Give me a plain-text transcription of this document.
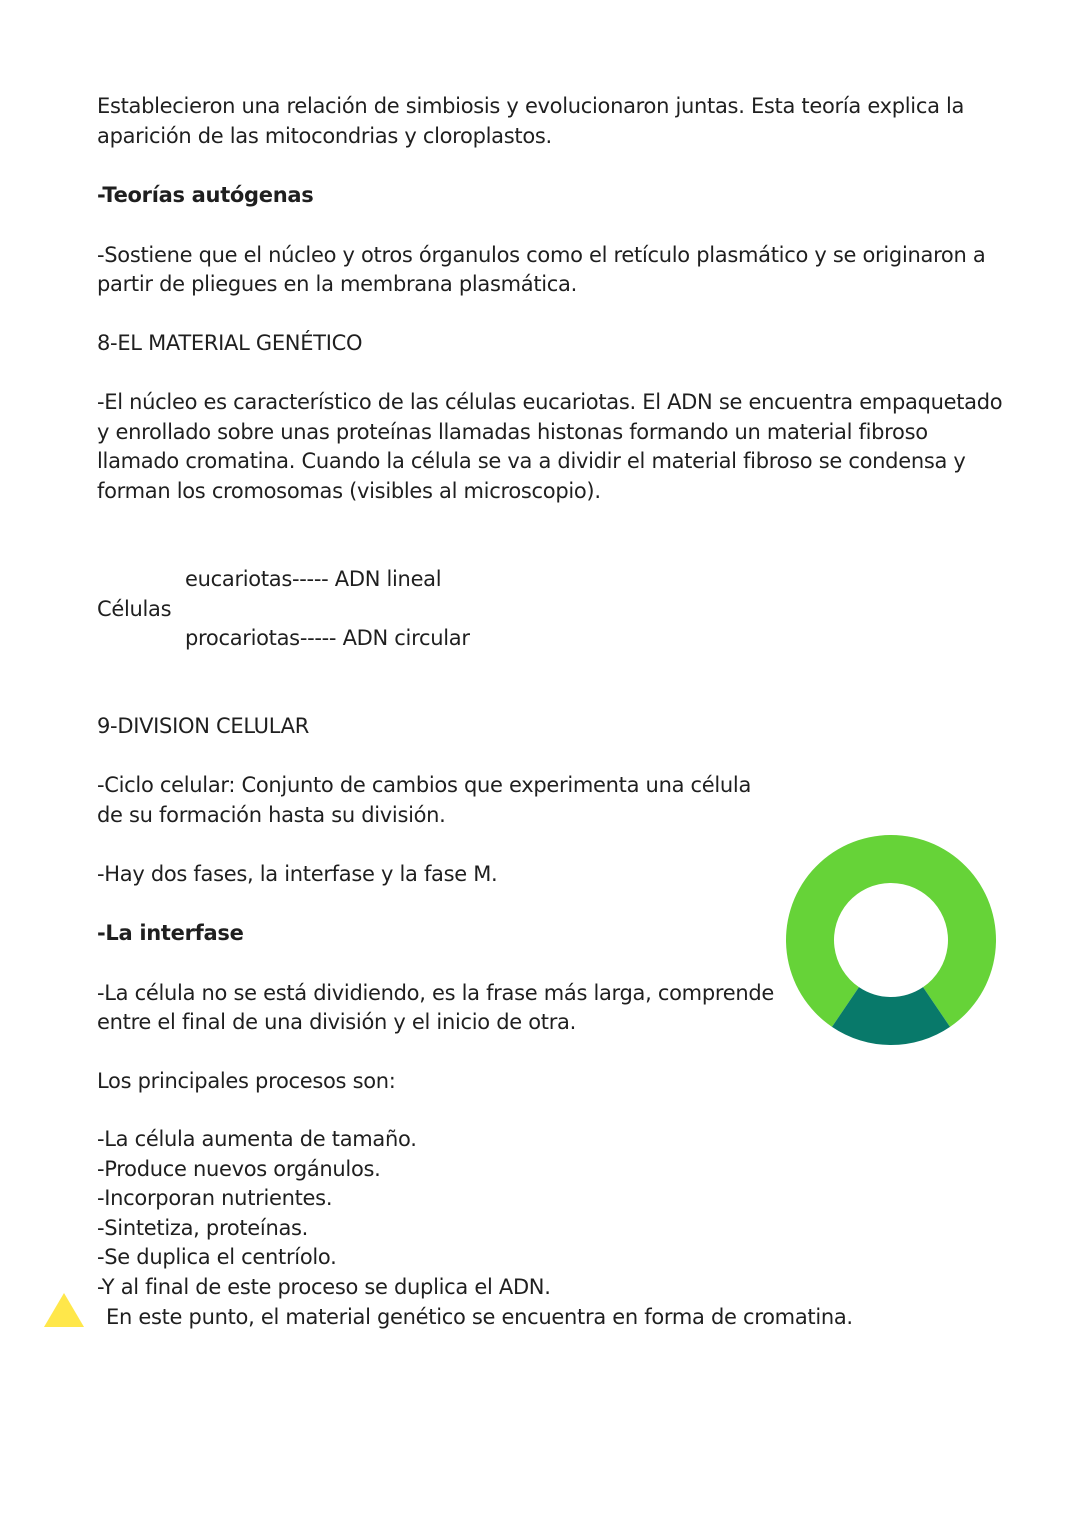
Establecieron una relación de simbiosis y evolucionaron juntas. Esta teoría explica la
aparición de las mitocondrias y cloroplastos.
-Teorías autógenas
-Sostiene que el núcleo y otros órganulos como el retículo plasmático y se originaron a
partir de pliegues en la membrana plasmática.
8-EL MATERIAL GENÉTICO
-El núcleo es característico de las células eucariotas. El ADN se encuentra empaquetado
y enrollado sobre unas proteínas llamadas histonas formando un material fibroso
llamado cromatina. Cuando la célula se va a dividir el material fibroso se condensa y
forman los cromosomas (visibles al microscopio).
eucariotas----- ADN lineal
Células
procariotas----- ADN circular
9-DIVISION CELULAR
-Ciclo celular: Conjunto de cambios que experimenta una célula
de su formación hasta su división.
-Hay dos fases, la interfase y la fase M.
-La interfase
-La célula no se está dividiendo, es la frase más larga, comprende
entre el final de una división y el inicio de otra.
Los principales procesos son:
-La célula aumenta de tamaño.
-Produce nuevos orgánulos.
-Incorporan nutrientes.
-Sintetiza, proteínas.
-Se duplica el centríolo.
-Y al final de este proceso se duplica el ADN.
En este punto, el material genético se encuentra en forma de cromatina.
